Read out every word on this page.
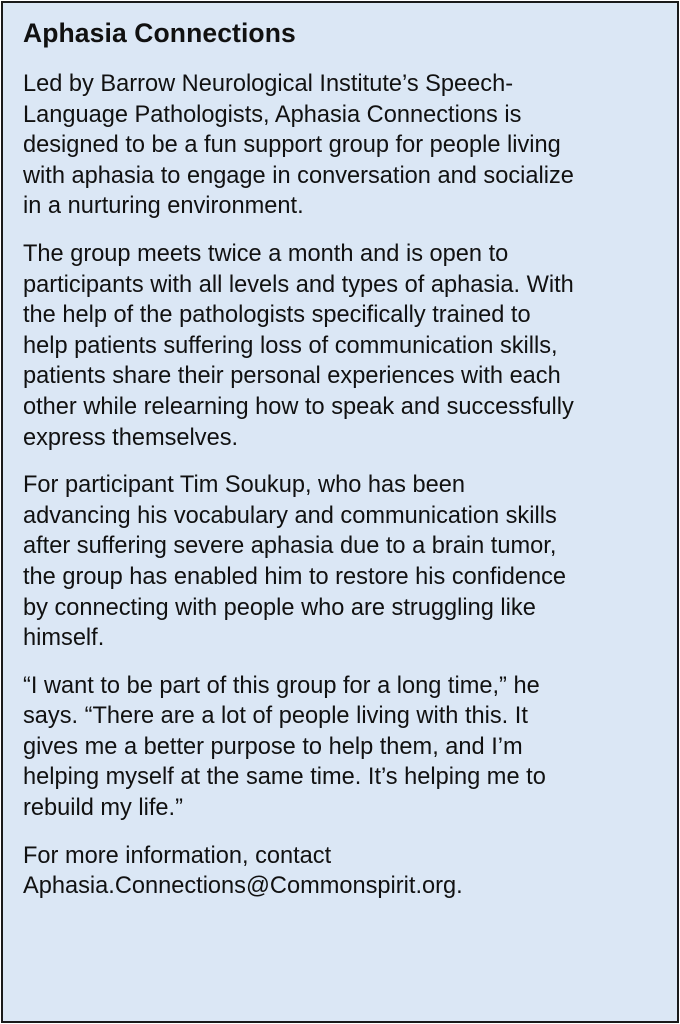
Aphasia Connections

Led by Barrow Neurological Institute’s Speech-
Language Pathologists, Aphasia Connections is
designed to be a fun support group for people living
with aphasia to engage in conversation and socialize
in a nurturing environment.

The group meets twice a month and is open to
participants with all levels and types of aphasia. With
the help of the pathologists specifically trained to
help patients suffering loss of communication skills,
patients share their personal experiences with each
other while relearning how to speak and successfully
express themselves.

For participant Tim Soukup, who has been
advancing his vocabulary and communication skills
after suffering severe aphasia due to a brain tumor,
the group has enabled him to restore his confidence
by connecting with people who are struggling like
himself.

“I want to be part of this group for a long time,” he
says. “There are a lot of people living with this. It
gives me a better purpose to help them, and I’m
helping myself at the same time. It’s helping me to
rebuild my life.”

For more information, contact
Aphasia.Connections@Commonspirit.org.
